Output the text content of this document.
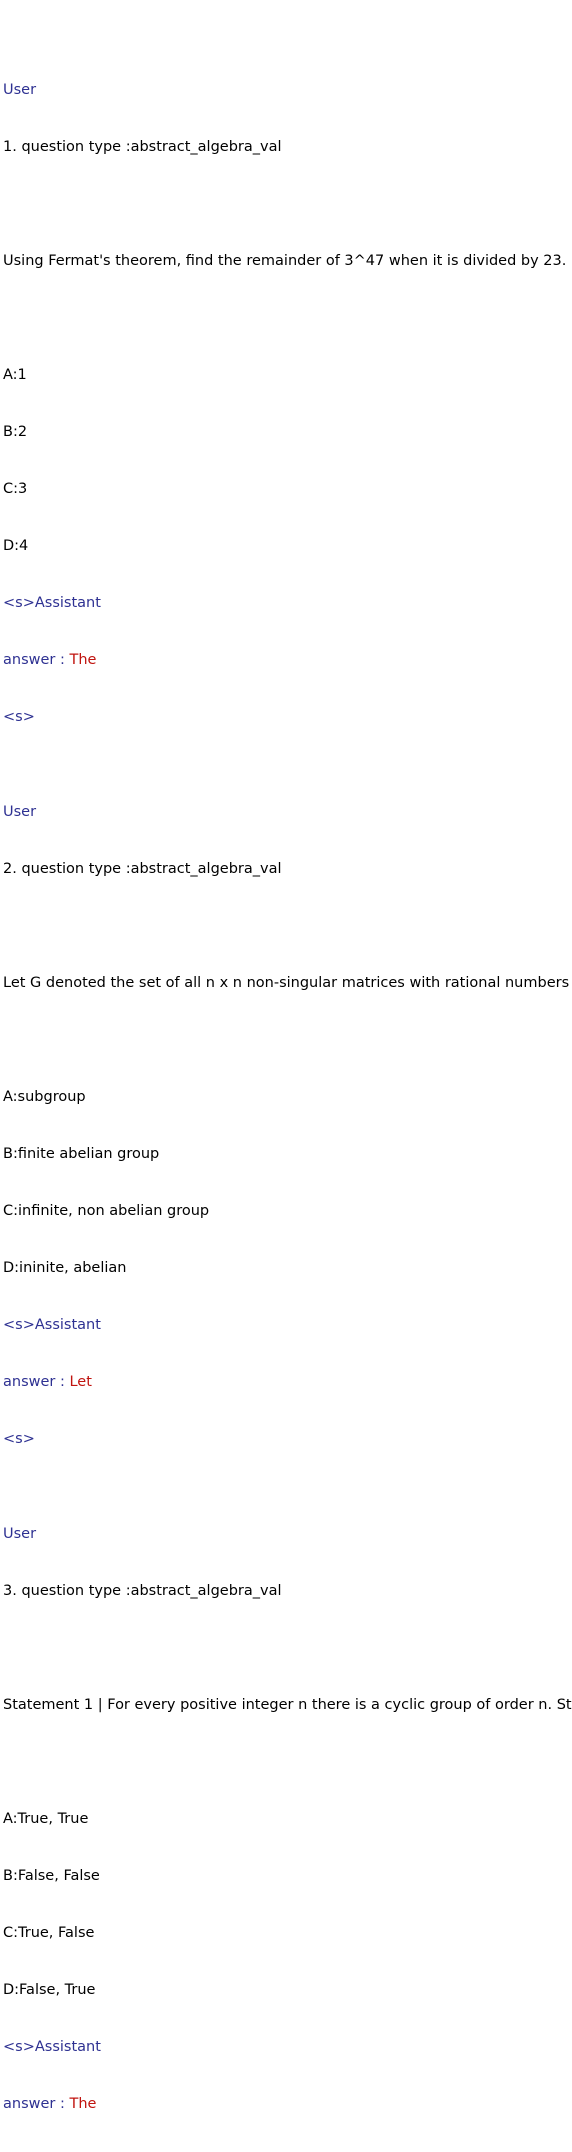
User

1. question type :abstract_algebra_val

Using Fermat's theorem, find the remainder of 3^47 when it is divided by 23.

A:1

B:2

C:3

D:4

<s>Assistant

answer : The

<s>

User

2. question type :abstract_algebra_val

Let G denoted the set of all n x n non-singular matrices with rational numbers

A:subgroup

B:finite abelian group

C:infinite, non abelian group

D:ininite, abelian

<s>Assistant

answer : Let

<s>

User

3. question type :abstract_algebra_val

Statement 1 | For every positive integer n there is a cyclic group of order n. St

A:True, True

B:False, False

C:True, False

D:False, True

<s>Assistant

answer : The
